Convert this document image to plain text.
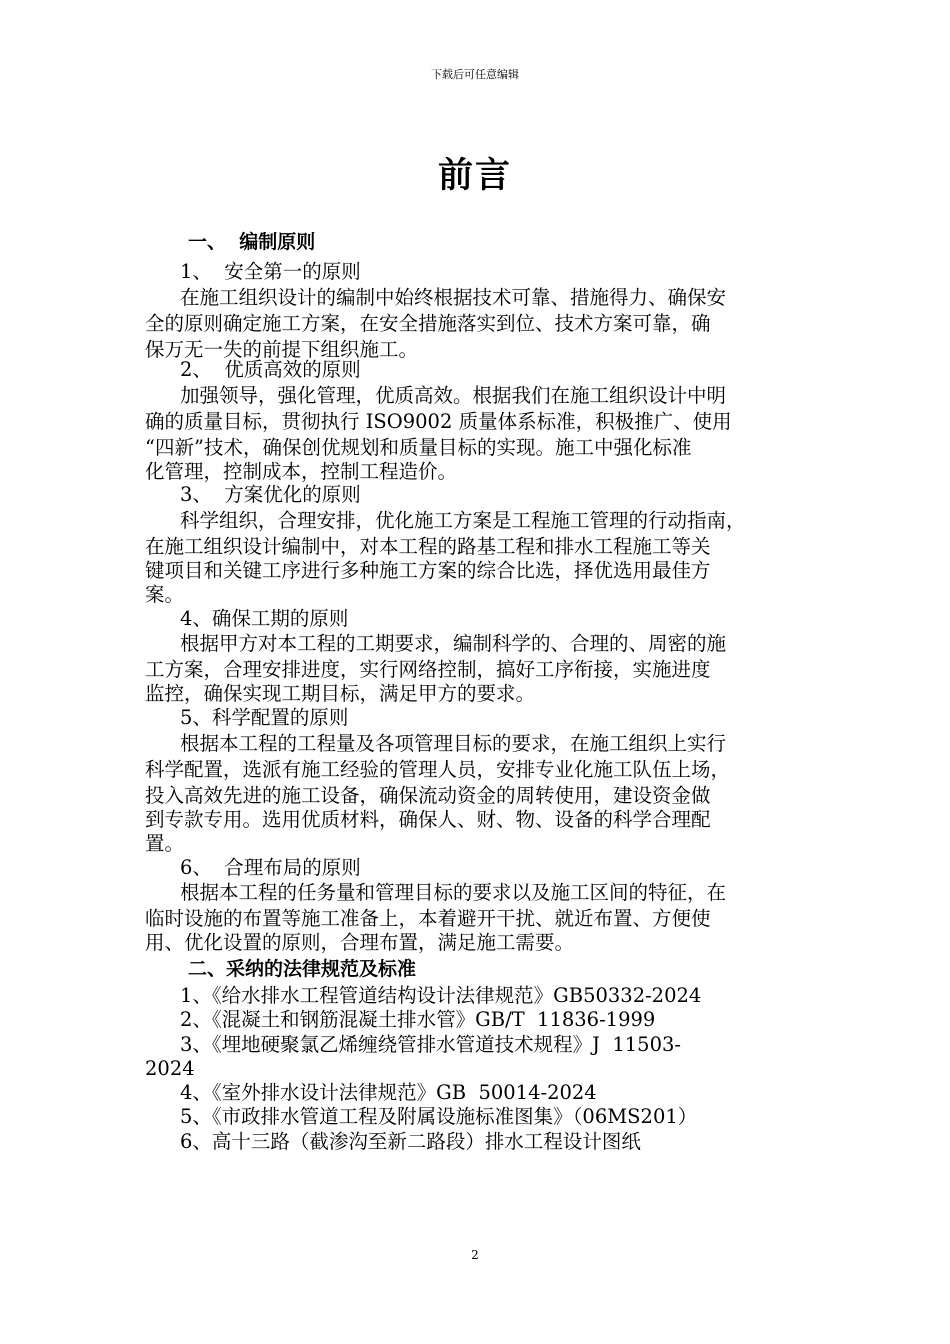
下载后可任意编辑
前言
一、  编制原则
1、  安全第一的原则
在施工组织设计的编制中始终根据技术可靠、措施得力、确保安
全的原则确定施工方案，在安全措施落实到位、技术方案可靠，确
保万无一失的前提下组织施工。
2、  优质高效的原则
加强领导，强化管理，优质高效。根据我们在施工组织设计中明
确的质量目标，贯彻执行 ISO9002 质量体系标准，积极推广、使用
“四新”技术，确保创优规划和质量目标的实现。施工中强化标准
化管理，控制成本，控制工程造价。
3、  方案优化的原则
科学组织，合理安排，优化施工方案是工程施工管理的行动指南，
在施工组织设计编制中，对本工程的路基工程和排水工程施工等关
键项目和关键工序进行多种施工方案的综合比选，择优选用最佳方
案。
4、确保工期的原则
根据甲方对本工程的工期要求，编制科学的、合理的、周密的施
工方案，合理安排进度，实行网络控制，搞好工序衔接，实施进度
监控，确保实现工期目标，满足甲方的要求。
5、科学配置的原则
根据本工程的工程量及各项管理目标的要求，在施工组织上实行
科学配置，选派有施工经验的管理人员，安排专业化施工队伍上场，
投入高效先进的施工设备，确保流动资金的周转使用，建设资金做
到专款专用。选用优质材料，确保人、财、物、设备的科学合理配
置。
6、  合理布局的原则
根据本工程的任务量和管理目标的要求以及施工区间的特征，在
临时设施的布置等施工准备上，本着避开干扰、就近布置、方便使
用、优化设置的原则，合理布置，满足施工需要。
二、采纳的法律规范及标准
1、《给水排水工程管道结构设计法律规范》GB50332-2024
2、《混凝土和钢筋混凝土排水管》GB/T  11836-1999
3、《埋地硬聚氯乙烯缠绕管排水管道技术规程》J  11503-
2024
4、《室外排水设计法律规范》GB  50014-2024
5、《市政排水管道工程及附属设施标准图集》（06MS201）
6、高十三路（截渗沟至新二路段）排水工程设计图纸
2
